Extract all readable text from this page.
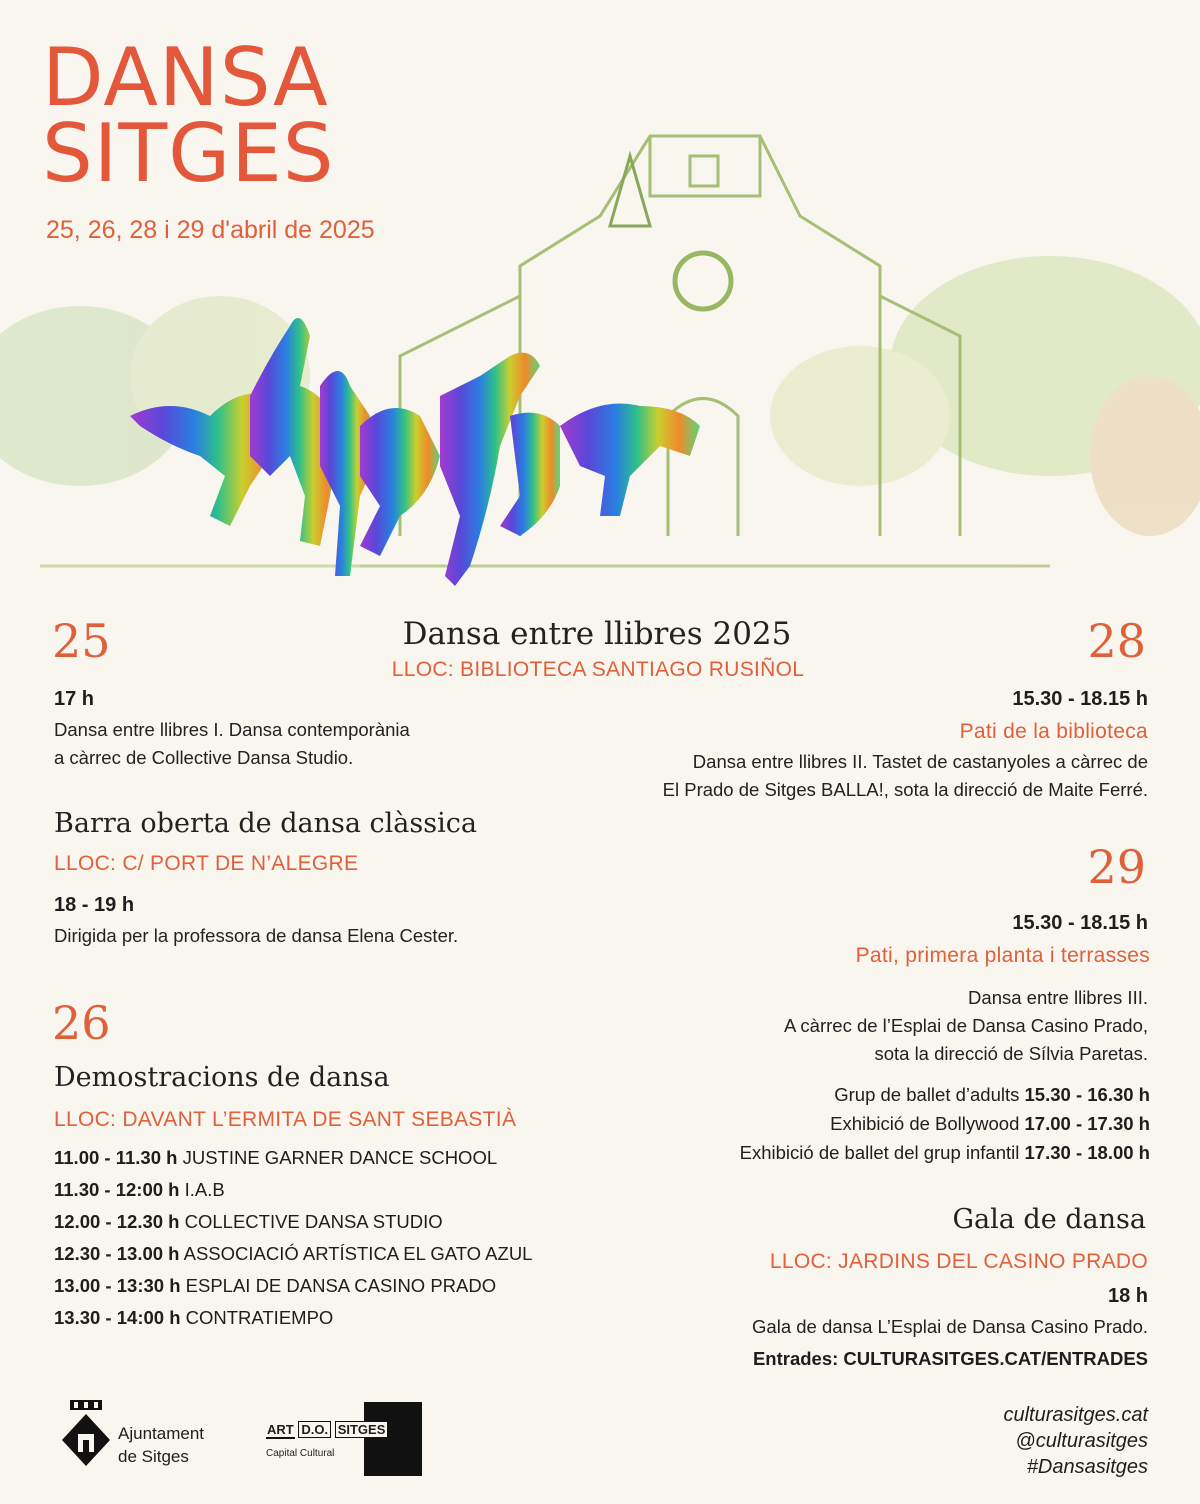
DANSA
SITGES
25, 26, 28 i 29 d'abril de 2025
Dansa entre llibres 2025
LLOC: BIBLIOTECA SANTIAGO RUSIÑOL
25
17 h
Dansa entre llibres I. Dansa contemporània
a càrrec de Collective Dansa Studio.
Barra oberta de dansa clàssica
LLOC: C/ PORT DE N’ALEGRE
18 - 19 h
Dirigida per la professora de dansa Elena Cester.
26
Demostracions de dansa
LLOC: DAVANT L’ERMITA DE SANT SEBASTIÀ
11.00 - 11.30 h JUSTINE GARNER DANCE SCHOOL
11.30 - 12:00 h I.A.B
12.00 - 12.30 h COLLECTIVE DANSA STUDIO
12.30 - 13.00 h ASSOCIACIÓ ARTÍSTICA EL GATO AZUL
13.00 - 13:30 h ESPLAI DE DANSA CASINO PRADO
13.30 - 14:00 h CONTRATIEMPO
28
15.30 - 18.15 h
Pati de la biblioteca
Dansa entre llibres II. Tastet de castanyoles a càrrec de
El Prado de Sitges BALLA!, sota la direcció de Maite Ferré.
29
15.30 - 18.15 h
Pati, primera planta i terrasses
Dansa entre llibres III.
A càrrec de l’Esplai de Dansa Casino Prado,
sota la direcció de Sílvia Paretas.
Grup de ballet d’adults 15.30 - 16.30 h
Exhibició de Bollywood 17.00 - 17.30 h
Exhibició de ballet del grup infantil 17.30 - 18.00 h
Gala de dansa
LLOC: JARDINS DEL CASINO PRADO
18 h
Gala de dansa L’Esplai de Dansa Casino Prado.
Entrades: CULTURASITGES.CAT/ENTRADES
Ajuntament
de Sitges
ART D.O. SITGES
Capital Cultural
culturasitges.cat
@culturasitges
#Dansasitges
